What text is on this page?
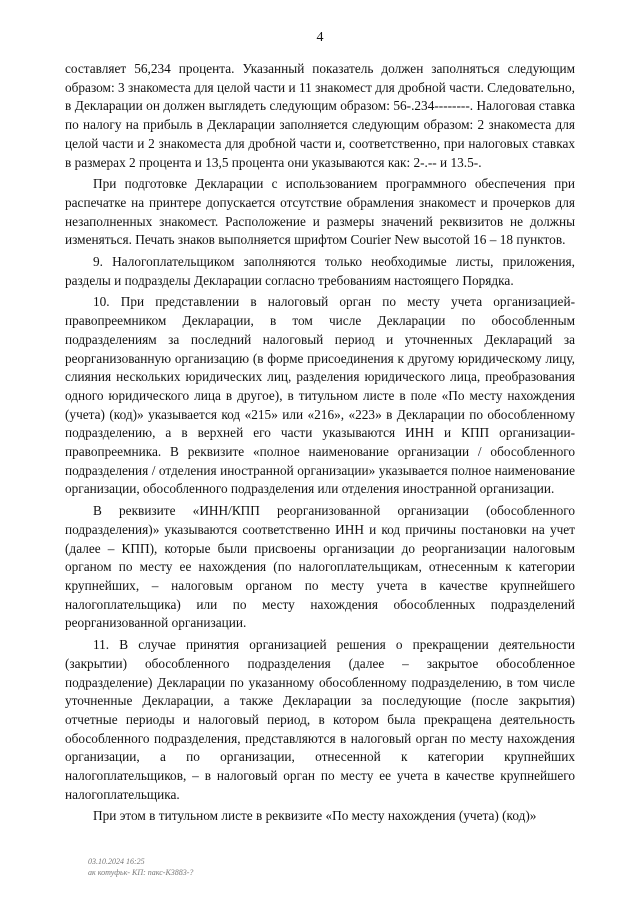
4

составляет 56,234 процента. Указанный показатель должен заполняться следующим образом: 3 знакоместа для целой части и 11 знакомест для дробной части. Следовательно, в Декларации он должен выглядеть следующим образом: 56-.234--------. Налоговая ставка по налогу на прибыль в Декларации заполняется следующим образом: 2 знакоместа для целой части и 2 знакоместа для дробной части и, соответственно, при налоговых ставках в размерах 2 процента и 13,5 процента они указываются как: 2-.-- и 13.5-.

При подготовке Декларации с использованием программного обеспечения при распечатке на принтере допускается отсутствие обрамления знакомест и прочерков для незаполненных знакомест. Расположение и размеры значений реквизитов не должны изменяться. Печать знаков выполняется шрифтом Courier New высотой 16 – 18 пунктов.

9. Налогоплательщиком заполняются только необходимые листы, приложения, разделы и подразделы Декларации согласно требованиям настоящего Порядка.

10. При представлении в налоговый орган по месту учета организацией-правопреемником Декларации, в том числе Декларации по обособленным подразделениям за последний налоговый период и уточненных Деклараций за реорганизованную организацию (в форме присоединения к другому юридическому лицу, слияния нескольких юридических лиц, разделения юридического лица, преобразования одного юридического лица в другое), в титульном листе в поле «По месту нахождения (учета) (код)» указывается код «215» или «216», «223» в Декларации по обособленному подразделению, а в верхней его части указываются ИНН и КПП организации-правопреемника. В реквизите «полное наименование организации / обособленного подразделения / отделения иностранной организации» указывается полное наименование организации, обособленного подразделения или отделения иностранной организации.

В реквизите «ИНН/КПП реорганизованной организации (обособленного подразделения)» указываются соответственно ИНН и код причины постановки на учет (далее – КПП), которые были присвоены организации до реорганизации налоговым органом по месту ее нахождения (по налогоплательщикам, отнесенным к категории крупнейших, – налоговым органом по месту учета в качестве крупнейшего налогоплательщика) или по месту нахождения обособленных подразделений реорганизованной организации.

11. В случае принятия организацией решения о прекращении деятельности (закрытии) обособленного подразделения (далее – закрытое обособленное подразделение) Декларации по указанному обособленному подразделению, в том числе уточненные Декларации, а также Декларации за последующие (после закрытия) отчетные периоды и налоговый период, в котором была прекращена деятельность обособленного подразделения, представляются в налоговый орган по месту нахождения организации, а по организации, отнесенной к категории крупнейших налогоплательщиков, – в налоговый орган по месту ее учета в качестве крупнейшего налогоплательщика.

При этом в титульном листе в реквизите «По месту нахождения (учета) (код)»

03.10.2024 16:25
ак котуфьк- КП: пакс-К3883-?
